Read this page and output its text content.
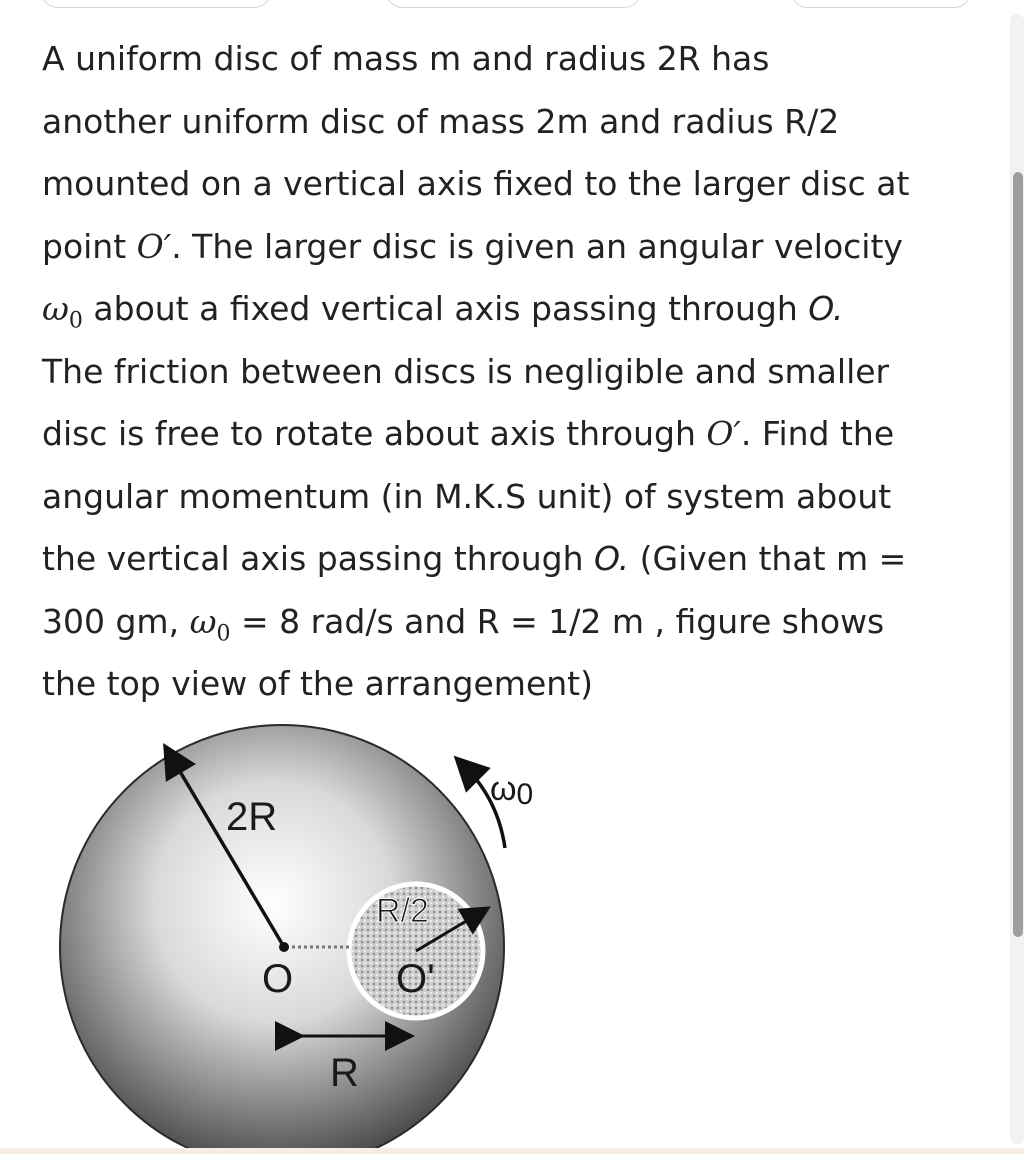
A uniform disc of mass m and radius 2R has
another uniform disc of mass 2m and radius R/2
mounted on a vertical axis fixed to the larger disc at
point O′. The larger disc is given an angular velocity
$\omega_0$ about a fixed vertical axis passing through O.
The friction between discs is negligible and smaller
disc is free to rotate about axis through O′. Find the
angular momentum (in M.K.S unit) of system about
the vertical axis passing through O. (Given that m =
300 gm, $\omega_0 = 8$ rad/s and R = 1/2 m , figure shows
the top view of the arrangement)
2R
R/2
O	O'
R
ω0
